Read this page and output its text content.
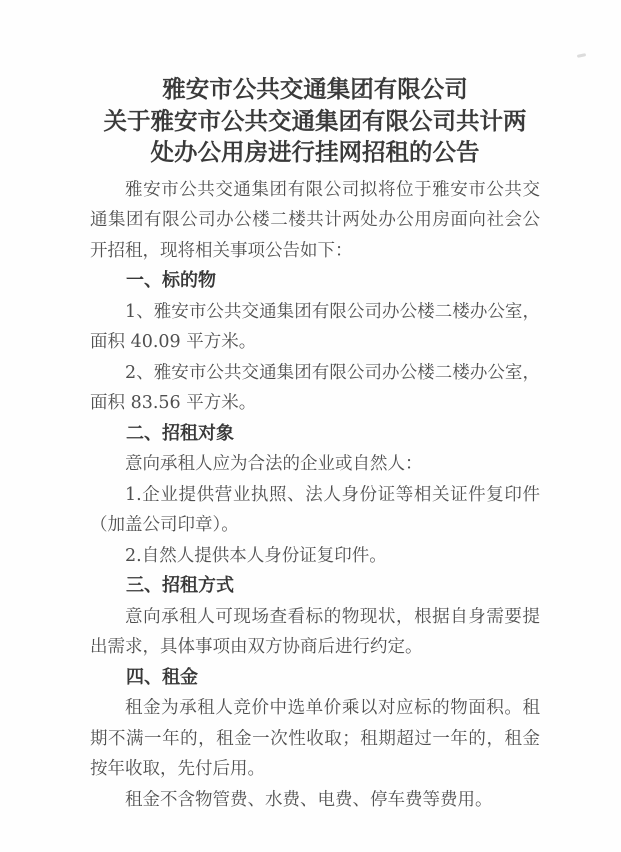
雅安市公共交通集团有限公司
关于雅安市公共交通集团有限公司共计两
处办公用房进行挂网招租的公告

雅安市公共交通集团有限公司拟将位于雅安市公共交通集团有限公司办公楼二楼共计两处办公用房面向社会公开招租，现将相关事项公告如下：

一、标的物

1、雅安市公共交通集团有限公司办公楼二楼办公室，面积 40.09 平方米。

2、雅安市公共交通集团有限公司办公楼二楼办公室，面积 83.56 平方米。

二、招租对象

意向承租人应为合法的企业或自然人：

1.企业提供营业执照、法人身份证等相关证件复印件（加盖公司印章）。

2.自然人提供本人身份证复印件。

三、招租方式

意向承租人可现场查看标的物现状，根据自身需要提出需求，具体事项由双方协商后进行约定。

四、租金

租金为承租人竞价中选单价乘以对应标的物面积。租期不满一年的，租金一次性收取；租期超过一年的，租金按年收取，先付后用。

租金不含物管费、水费、电费、停车费等费用。
